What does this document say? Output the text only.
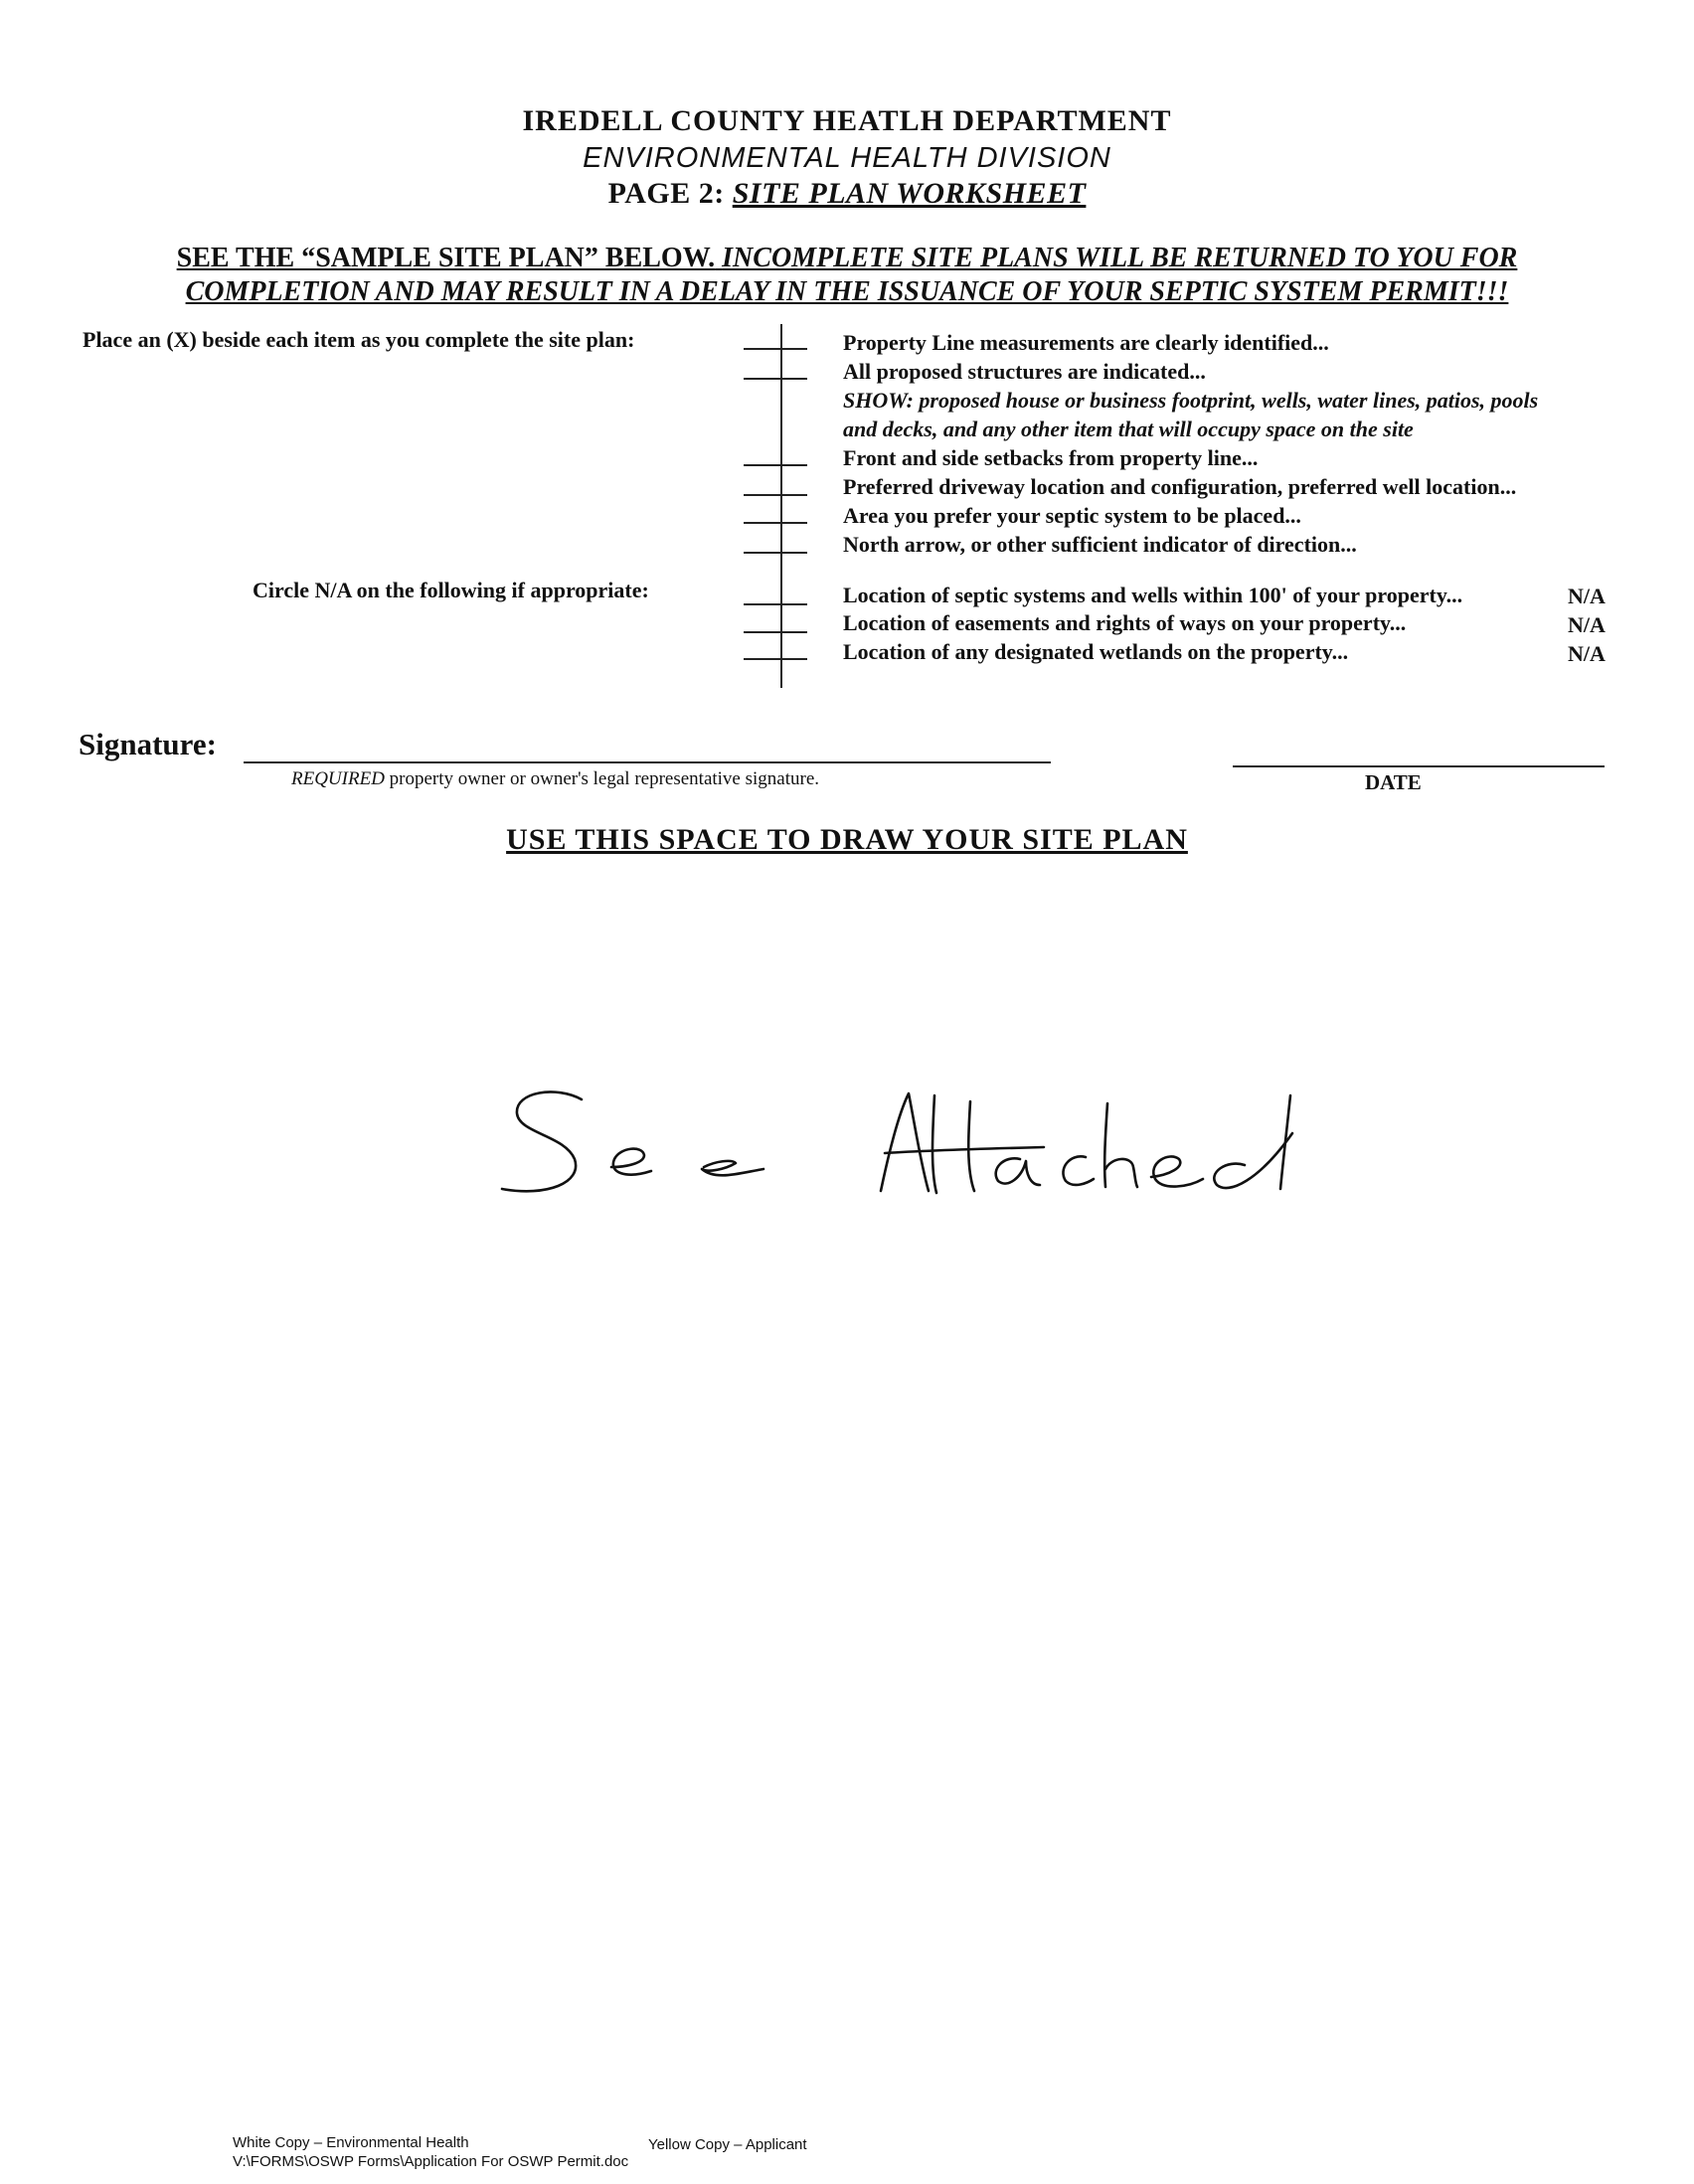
IREDELL COUNTY HEATLH DEPARTMENT
ENVIRONMENTAL HEALTH DIVISION
PAGE 2: SITE PLAN WORKSHEET
SEE THE “SAMPLE SITE PLAN” BELOW. INCOMPLETE SITE PLANS WILL BE RETURNED TO YOU FOR
COMPLETION AND MAY RESULT IN A DELAY IN THE ISSUANCE OF YOUR SEPTIC SYSTEM PERMIT!!!
Place an (X) beside each item as you complete the site plan:	Property Line measurements are clearly identified...
All proposed structures are indicated...
SHOW: proposed house or business footprint, wells, water lines, patios, pools
and decks, and any other item that will occupy space on the site
Front and side setbacks from property line...
Preferred driveway location and configuration, preferred well location...
Area you prefer your septic system to be placed...
North arrow, or other sufficient indicator of direction...
Circle N/A on the following if appropriate:	Location of septic systems and wells within 100' of your property...	N/A
Location of easements and rights of ways on your property...	N/A
Location of any designated wetlands on the property...	N/A
Signature:
REQUIRED property owner or owner's legal representative signature.	DATE
USE THIS SPACE TO DRAW YOUR SITE PLAN
White Copy – Environmental Health	Yellow Copy – Applicant
V:\FORMS\OSWP Forms\Application For OSWP Permit.doc
